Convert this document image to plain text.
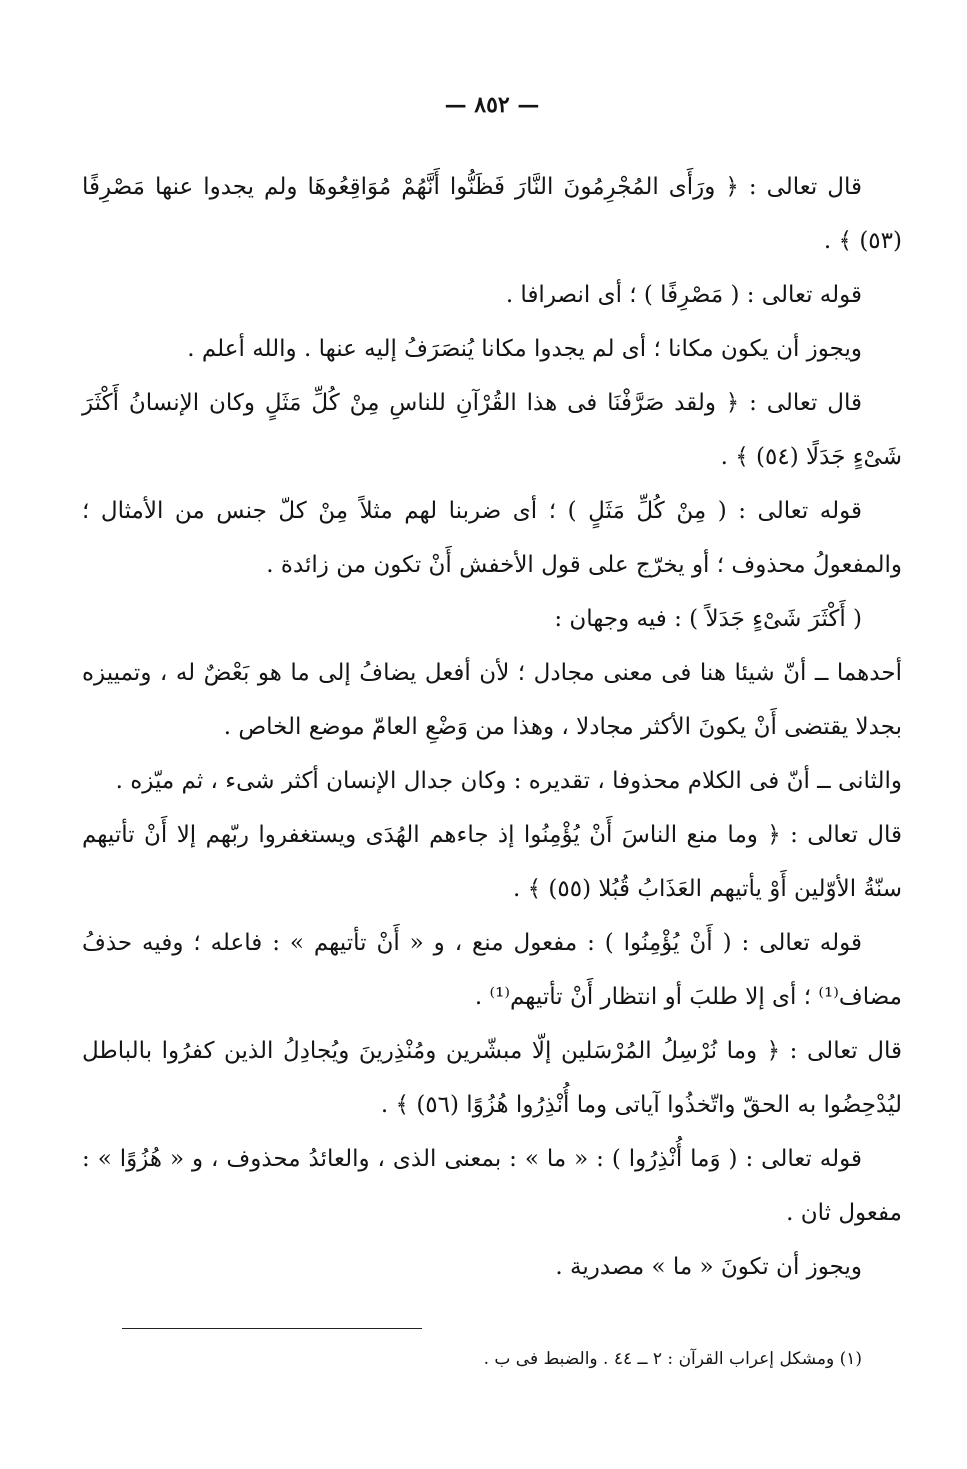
— ٨٥٢ —

قال تعالى : ﴿ ورَأَى المُجْرِمُونَ النَّارَ فَظَنُّوا أَنَّهُمْ مُوَاقِعُوهَا ولم يجدوا عنها مَصْرِفًا (٥٣) ﴾ .

قوله تعالى : ( مَصْرِفًا ) ؛ أى انصرافا .

ويجوز أن يكون مكانا ؛ أى لم يجدوا مكانا يُنصَرَفُ إليه عنها . والله أعلم .

قال تعالى : ﴿ ولقد صَرَّفْنَا فى هذا القُرْآنِ للناسِ مِنْ كُلِّ مَثَلٍ وكان الإنسانُ أَكْثَرَ شَىْءٍ جَدَلًا (٥٤) ﴾ .

قوله تعالى : ( مِنْ كُلِّ مَثَلٍ ) ؛ أى ضربنا لهم مثلاً مِنْ كلّ جنس من الأمثال ؛ والمفعولُ محذوف ؛ أو يخرّج على قول الأخفش أَنْ تكون من زائدة .

( أَكْثَرَ شَىْءٍ جَدَلاً ) : فيه وجهان :

أحدهما ــ أنّ شيئا هنا فى معنى مجادل ؛ لأن أفعل يضافُ إلى ما هو بَعْضٌ له ، وتمييزه بجدلا يقتضى أَنْ يكونَ الأكثر مجادلا ، وهذا من وَضْعِ العامّ موضع الخاص .

والثانى ــ أنّ فى الكلام محذوفا ، تقديره : وكان جدال الإنسان أكثر شىء ، ثم ميّزه .

قال تعالى : ﴿ وما منع الناسَ أَنْ يُؤْمِنُوا إذ جاءهم الهُدَى ويستغفروا ربّهم إلا أَنْ تأتيهم سنّةُ الأوّلين أَوْ يأتيهم العَذَابُ قُبُلا (٥٥) ﴾ .

قوله تعالى : ( أَنْ يُؤْمِنُوا ) : مفعول منع ، و « أَنْ تأتيهم » : فاعله ؛ وفيه حذفُ مضاف⁽¹⁾ ؛ أى إلا طلبَ أو انتظار أَنْ تأتيهم⁽¹⁾ .

قال تعالى : ﴿ وما نُرْسِلُ المُرْسَلين إلّا مبشّرين ومُنْذِرينَ ويُجادِلُ الذين كفرُوا بالباطل ليُدْحِضُوا به الحقّ واتّخذُوا آياتى وما أُنْذِرُوا هُزُوًا (٥٦) ﴾ .

قوله تعالى : ( وَما أُنْذِرُوا ) : « ما » : بمعنى الذى ، والعائدُ محذوف ، و « هُزُوًا » : مفعول ثان .

ويجوز أن تكونَ « ما » مصدرية .

(١) ومشكل إعراب القرآن : ٢ ــ ٤٤ . والضبط فى ب .
